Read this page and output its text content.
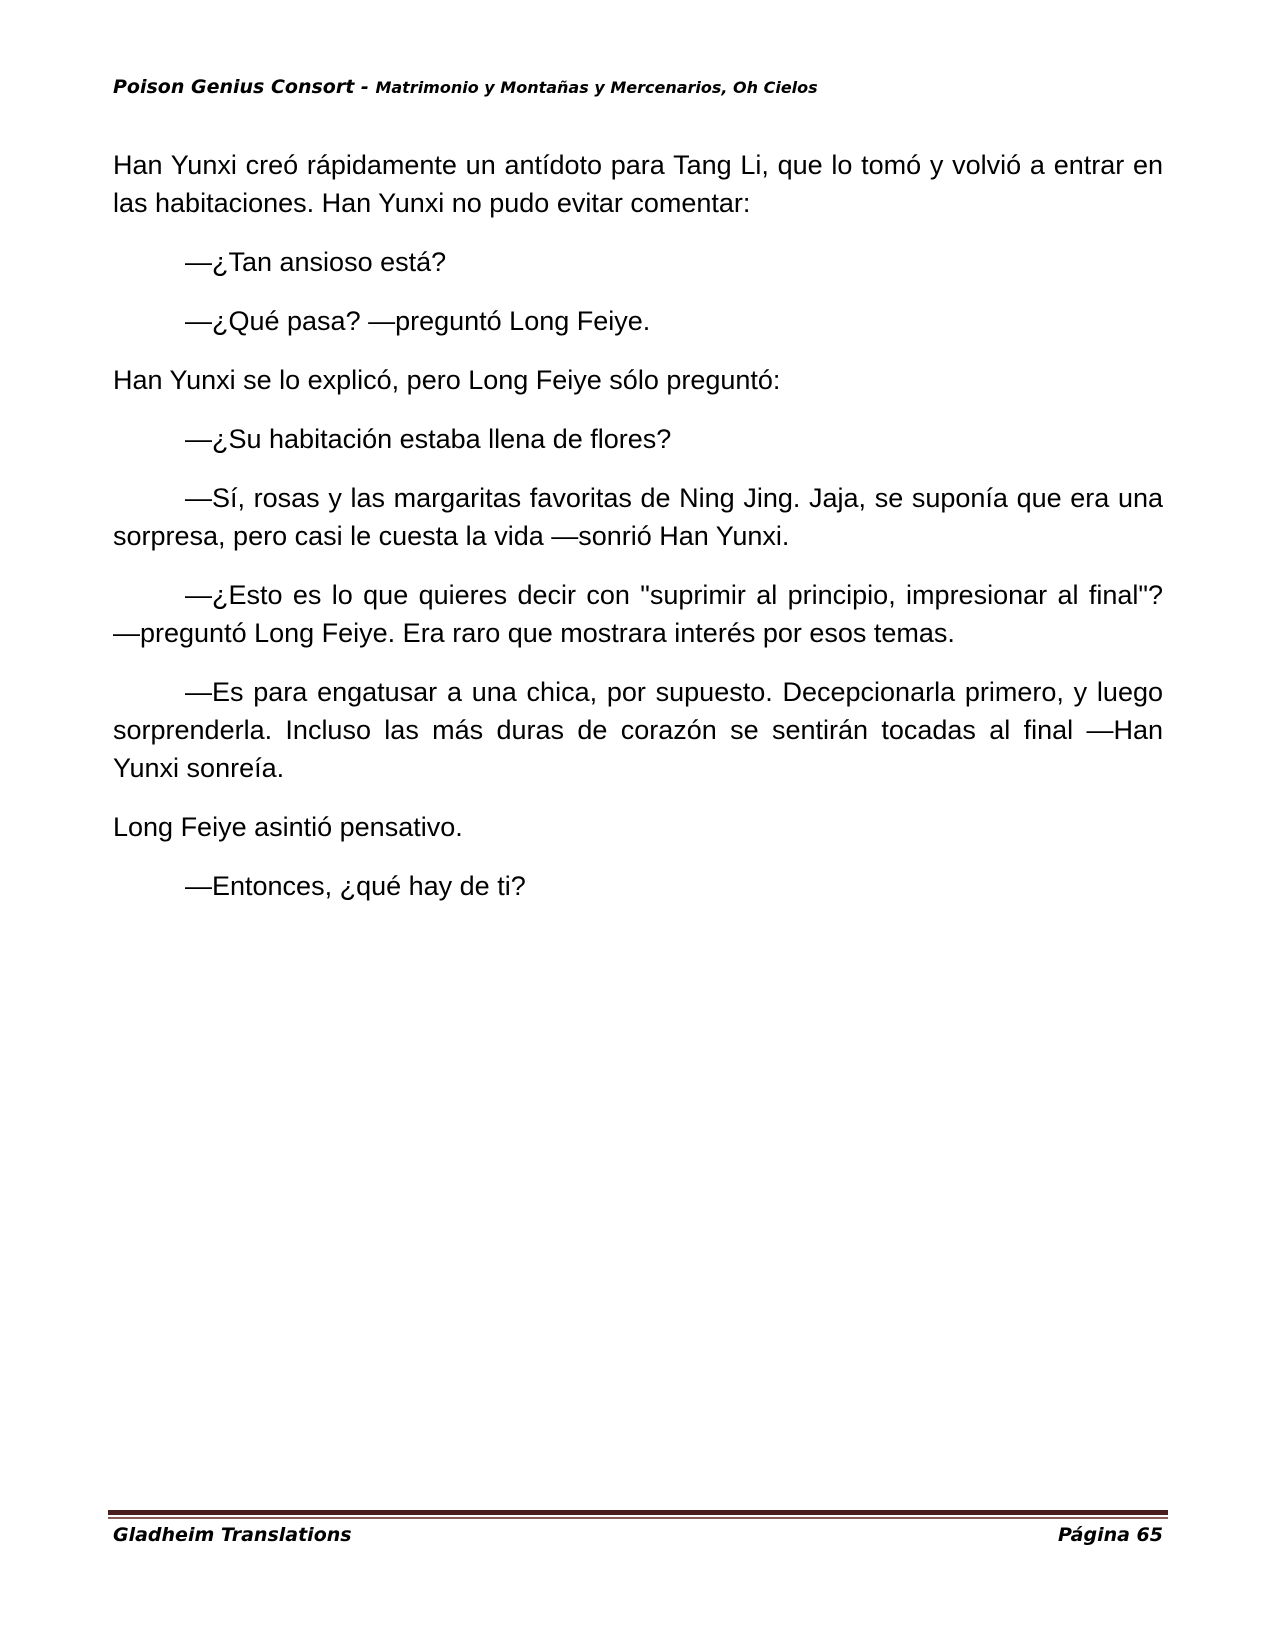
Poison Genius Consort - Matrimonio y Montañas y Mercenarios, Oh Cielos

Han Yunxi creó rápidamente un antídoto para Tang Li, que lo tomó y volvió a entrar en las habitaciones. Han Yunxi no pudo evitar comentar:

—¿Tan ansioso está?

—¿Qué pasa? —preguntó Long Feiye.

Han Yunxi se lo explicó, pero Long Feiye sólo preguntó:

—¿Su habitación estaba llena de flores?

—Sí, rosas y las margaritas favoritas de Ning Jing. Jaja, se suponía que era una sorpresa, pero casi le cuesta la vida —sonrió Han Yunxi.

—¿Esto es lo que quieres decir con "suprimir al principio, impresionar al final"? —preguntó Long Feiye. Era raro que mostrara interés por esos temas.

—Es para engatusar a una chica, por supuesto. Decepcionarla primero, y luego sorprenderla. Incluso las más duras de corazón se sentirán tocadas al final —Han Yunxi sonreía.

Long Feiye asintió pensativo.

—Entonces, ¿qué hay de ti?

Gladheim Translations	Página 65
